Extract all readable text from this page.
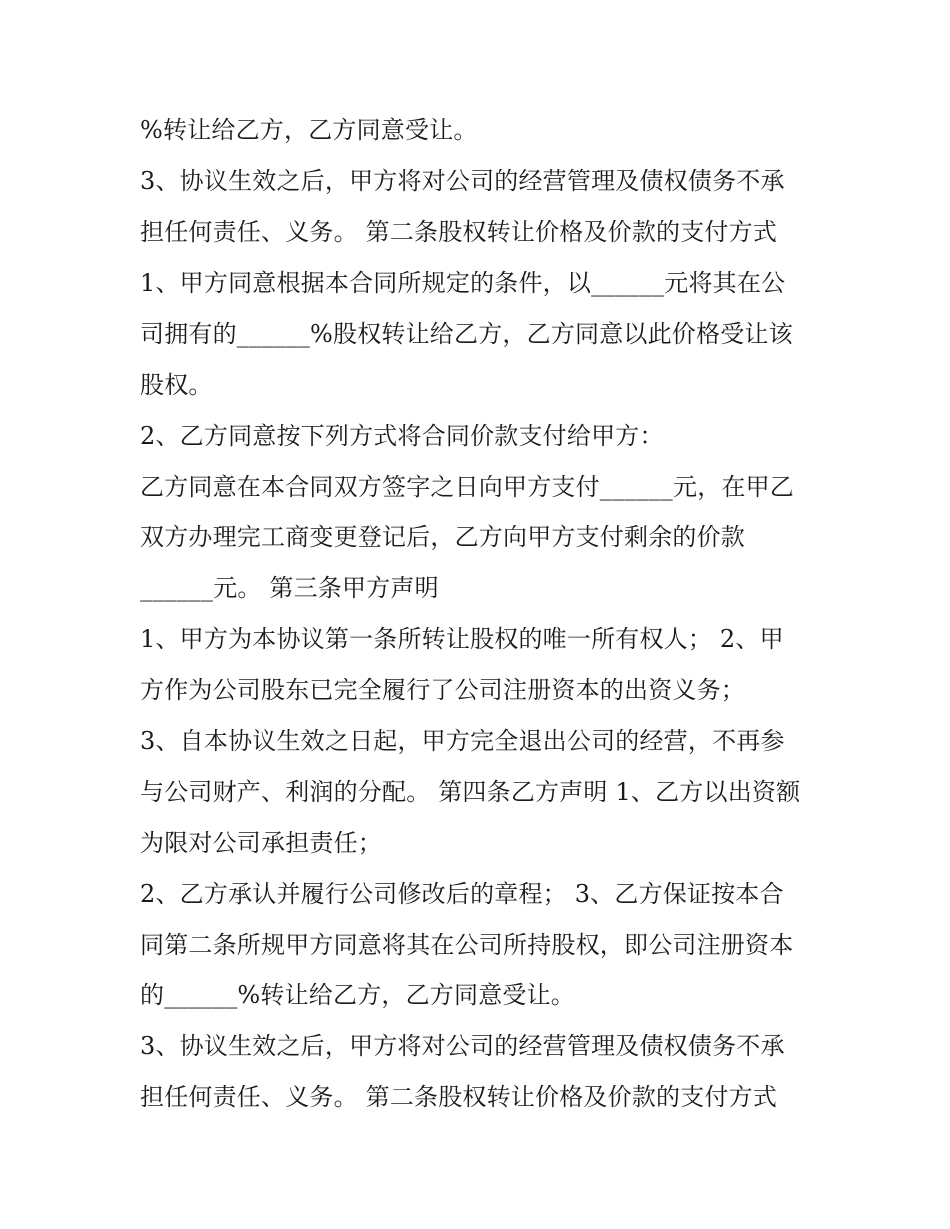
%转让给乙方，乙方同意受让。
3、协议生效之后，甲方将对公司的经营管理及债权债务不承
担任何责任、义务。 第二条股权转让价格及价款的支付方式
1、甲方同意根据本合同所规定的条件，以______元将其在公
司拥有的______%股权转让给乙方，乙方同意以此价格受让该
股权。
2、乙方同意按下列方式将合同价款支付给甲方：
乙方同意在本合同双方签字之日向甲方支付______元，在甲乙
双方办理完工商变更登记后，乙方向甲方支付剩余的价款
______元。 第三条甲方声明
1、甲方为本协议第一条所转让股权的唯一所有权人； 2、甲
方作为公司股东已完全履行了公司注册资本的出资义务；
3、自本协议生效之日起，甲方完全退出公司的经营，不再参
与公司财产、利润的分配。 第四条乙方声明 1、乙方以出资额
为限对公司承担责任；
2、乙方承认并履行公司修改后的章程； 3、乙方保证按本合
同第二条所规甲方同意将其在公司所持股权，即公司注册资本
的______%转让给乙方，乙方同意受让。
3、协议生效之后，甲方将对公司的经营管理及债权债务不承
担任何责任、义务。 第二条股权转让价格及价款的支付方式
